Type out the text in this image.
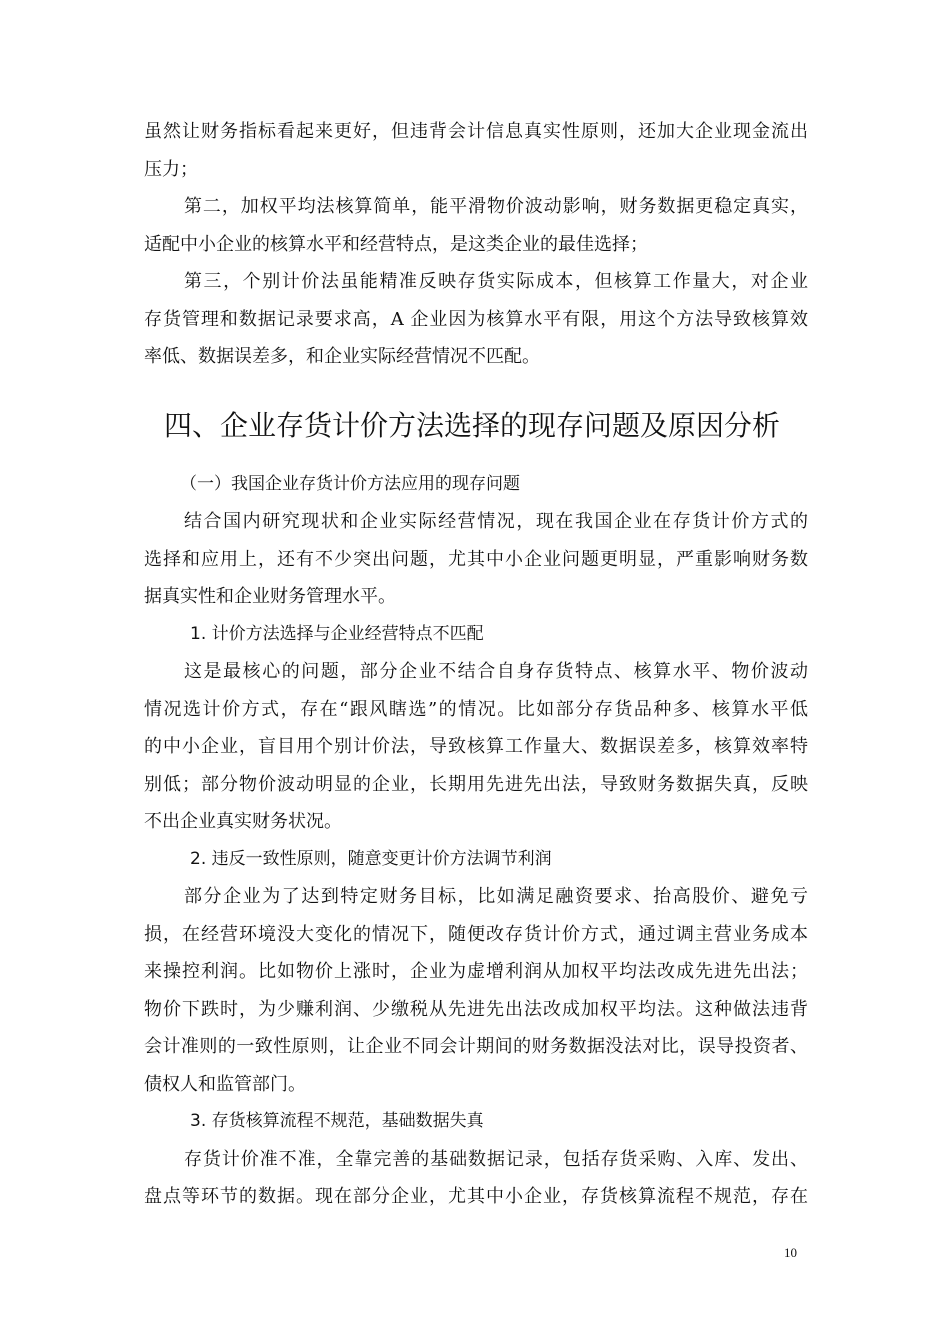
虽然让财务指标看起来更好，但违背会计信息真实性原则，还加大企业现金流出
压力；
第二，加权平均法核算简单，能平滑物价波动影响，财务数据更稳定真实，
适配中小企业的核算水平和经营特点，是这类企业的最佳选择；
第三，个别计价法虽能精准反映存货实际成本，但核算工作量大，对企业
存货管理和数据记录要求高，A 企业因为核算水平有限，用这个方法导致核算效
率低、数据误差多，和企业实际经营情况不匹配。
四、企业存货计价方法选择的现存问题及原因分析
（一）我国企业存货计价方法应用的现存问题
结合国内研究现状和企业实际经营情况，现在我国企业在存货计价方式的
选择和应用上，还有不少突出问题，尤其中小企业问题更明显，严重影响财务数
据真实性和企业财务管理水平。
1. 计价方法选择与企业经营特点不匹配
这是最核心的问题，部分企业不结合自身存货特点、核算水平、物价波动
情况选计价方式，存在“跟风瞎选”的情况。比如部分存货品种多、核算水平低
的中小企业，盲目用个别计价法，导致核算工作量大、数据误差多，核算效率特
别低；部分物价波动明显的企业，长期用先进先出法，导致财务数据失真，反映
不出企业真实财务状况。
2. 违反一致性原则，随意变更计价方法调节利润
部分企业为了达到特定财务目标，比如满足融资要求、抬高股价、避免亏
损，在经营环境没大变化的情况下，随便改存货计价方式，通过调主营业务成本
来操控利润。比如物价上涨时，企业为虚增利润从加权平均法改成先进先出法；
物价下跌时，为少赚利润、少缴税从先进先出法改成加权平均法。这种做法违背
会计准则的一致性原则，让企业不同会计期间的财务数据没法对比，误导投资者、
债权人和监管部门。
3. 存货核算流程不规范，基础数据失真
存货计价准不准，全靠完善的基础数据记录，包括存货采购、入库、发出、
盘点等环节的数据。现在部分企业，尤其中小企业，存货核算流程不规范，存在
10
